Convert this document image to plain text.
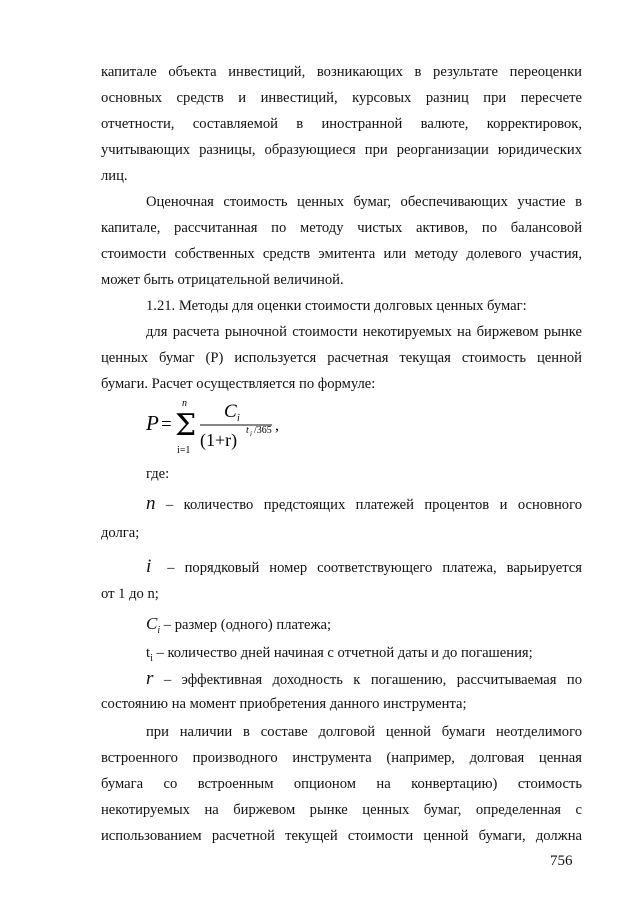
капитале объекта инвестиций, возникающих в результате переоценки
основных средств и инвестиций, курсовых разниц при пересчете
отчетности, составляемой в иностранной валюте, корректировок,
учитывающих разницы, образующиеся при реорганизации юридических
лиц.
Оценочная стоимость ценных бумаг, обеспечивающих участие в
капитале, рассчитанная по методу чистых активов, по балансовой
стоимости собственных средств эмитента или методу долевого участия,
может быть отрицательной величиной.
1.21. Методы для оценки стоимости долговых ценных бумаг:
для расчета рыночной стоимости некотируемых на биржевом рынке
ценных бумаг (Р) используется расчетная текущая стоимость ценной
бумаги. Расчет осуществляется по формуле:
P = Σ
n
i=1
C i
(1+r) t i /365 ,
где:
n – количество предстоящих платежей процентов и основного
долга;
i – порядковый номер соответствующего платежа, варьируется
от 1 до n;
$C_i$ – размер (одного) платежа;
$t_i$ – количество дней начиная с отчетной даты и до погашения;
r – эффективная доходность к погашению, рассчитываемая по
состоянию на момент приобретения данного инструмента;
при наличии в составе долговой ценной бумаги неотделимого
встроенного производного инструмента (например, долговая ценная
бумага со встроенным опционом на конвертацию) стоимость
некотируемых на биржевом рынке ценных бумаг, определенная с
использованием расчетной текущей стоимости ценной бумаги, должна
756
